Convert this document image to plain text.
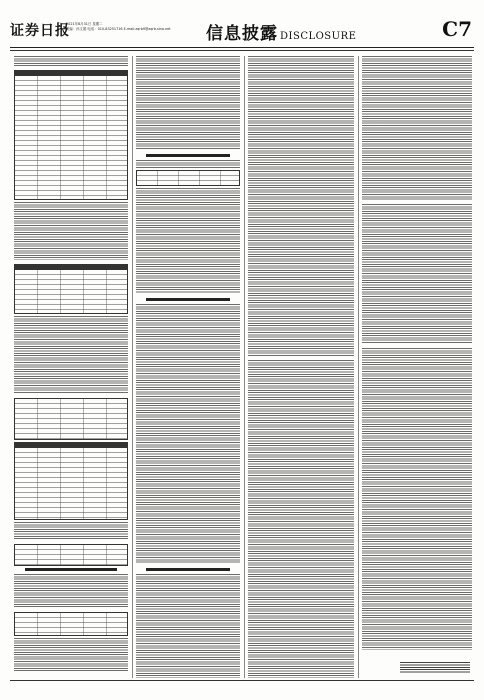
证券日报
2021年8月31日 星期二
责编：孙文娟 电话：010-83251716 E-mail:zqrb9@zqrb.sina.net 信息披露 DISCLOSURE	C7
